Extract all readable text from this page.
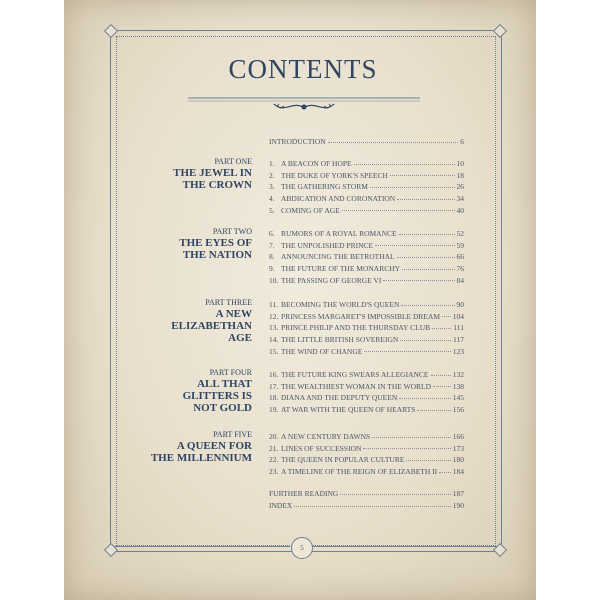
CONTENTS
INTRODUCTION	6
PART ONE
THE JEWEL IN
THE CROWN
1. A BEACON OF HOPE	10
2. THE DUKE OF YORK'S SPEECH	18
3. THE GATHERING STORM	26
4. ABDICATION AND CORONATION	34
5. COMING OF AGE	40
PART TWO
THE EYES OF
THE NATION
6. RUMORS OF A ROYAL ROMANCE	52
7. THE UNPOLISHED PRINCE	59
8. ANNOUNCING THE BETROTHAL	66
9. THE FUTURE OF THE MONARCHY	76
10. THE PASSING OF GEORGE VI	84
PART THREE
A NEW
ELIZABETHAN
AGE
11. BECOMING THE WORLD'S QUEEN	90
12. PRINCESS MARGARET'S IMPOSSIBLE DREAM 104
13. PRINCE PHILIP AND THE THURSDAY CLUB	111
14. THE LITTLE BRITISH SOVEREIGN	117
15. THE WIND OF CHANGE	123
PART FOUR
ALL THAT
GLITTERS IS
NOT GOLD
16. THE FUTURE KING SWEARS ALLEGIANCE	132
17. THE WEALTHIEST WOMAN IN THE WORLD	138
18. DIANA AND THE DEPUTY QUEEN	145
19. AT WAR WITH THE QUEEN OF HEARTS	156
PART FIVE
A QUEEN FOR
THE MILLENNIUM
20. A NEW CENTURY DAWNS	166
21. LINES OF SUCCESSION	173
22. THE QUEEN IN POPULAR CULTURE	180
23. A TIMELINE OF THE REIGN OF ELIZABETH II 184
FURTHER READING	187
INDEX	190
5
